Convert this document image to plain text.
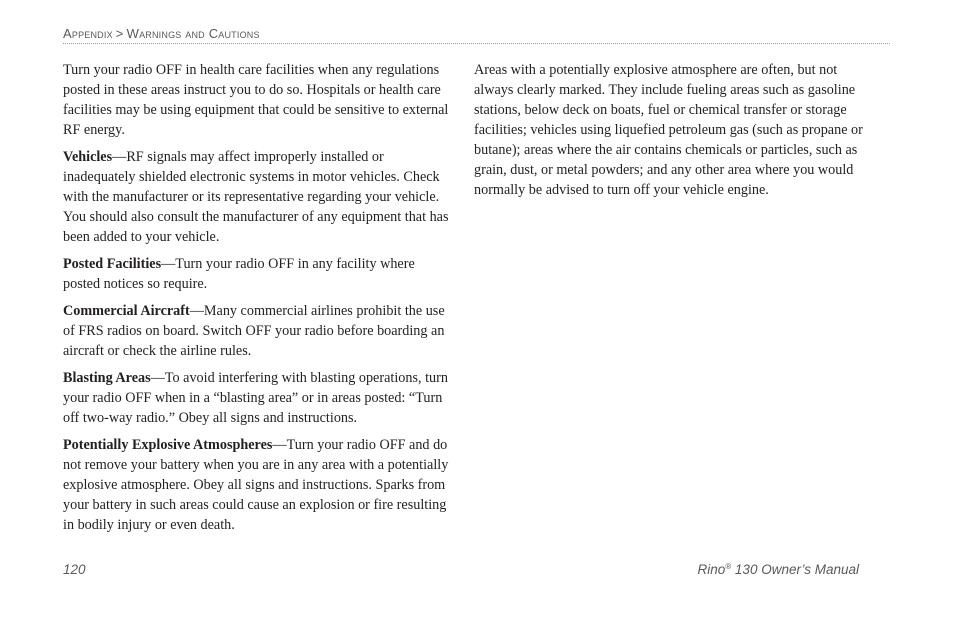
Appendix > Warnings and Cautions

Turn your radio OFF in health care facilities when any regulations posted in these areas instruct you to do so. Hospitals or health care facilities may be using equipment that could be sensitive to external RF energy.

Vehicles—RF signals may affect improperly installed or inadequately shielded electronic systems in motor vehicles. Check with the manufacturer or its representative regarding your vehicle. You should also consult the manufacturer of any equipment that has been added to your vehicle.

Posted Facilities—Turn your radio OFF in any facility where posted notices so require.

Commercial Aircraft—Many commercial airlines prohibit the use of FRS radios on board. Switch OFF your radio before boarding an aircraft or check the airline rules.

Blasting Areas—To avoid interfering with blasting operations, turn your radio OFF when in a “blasting area” or in areas posted: “Turn off two-way radio.” Obey all signs and instructions.

Potentially Explosive Atmospheres—Turn your radio OFF and do not remove your battery when you are in any area with a potentially explosive atmosphere. Obey all signs and instructions. Sparks from your battery in such areas could cause an explosion or fire resulting in bodily injury or even death.

Areas with a potentially explosive atmosphere are often, but not always clearly marked. They include fueling areas such as gasoline stations, below deck on boats, fuel or chemical transfer or storage facilities; vehicles using liquefied petroleum gas (such as propane or butane); areas where the air contains chemicals or particles, such as grain, dust, or metal powders; and any other area where you would normally be advised to turn off your vehicle engine.

120	Rino® 130 Owner’s Manual
